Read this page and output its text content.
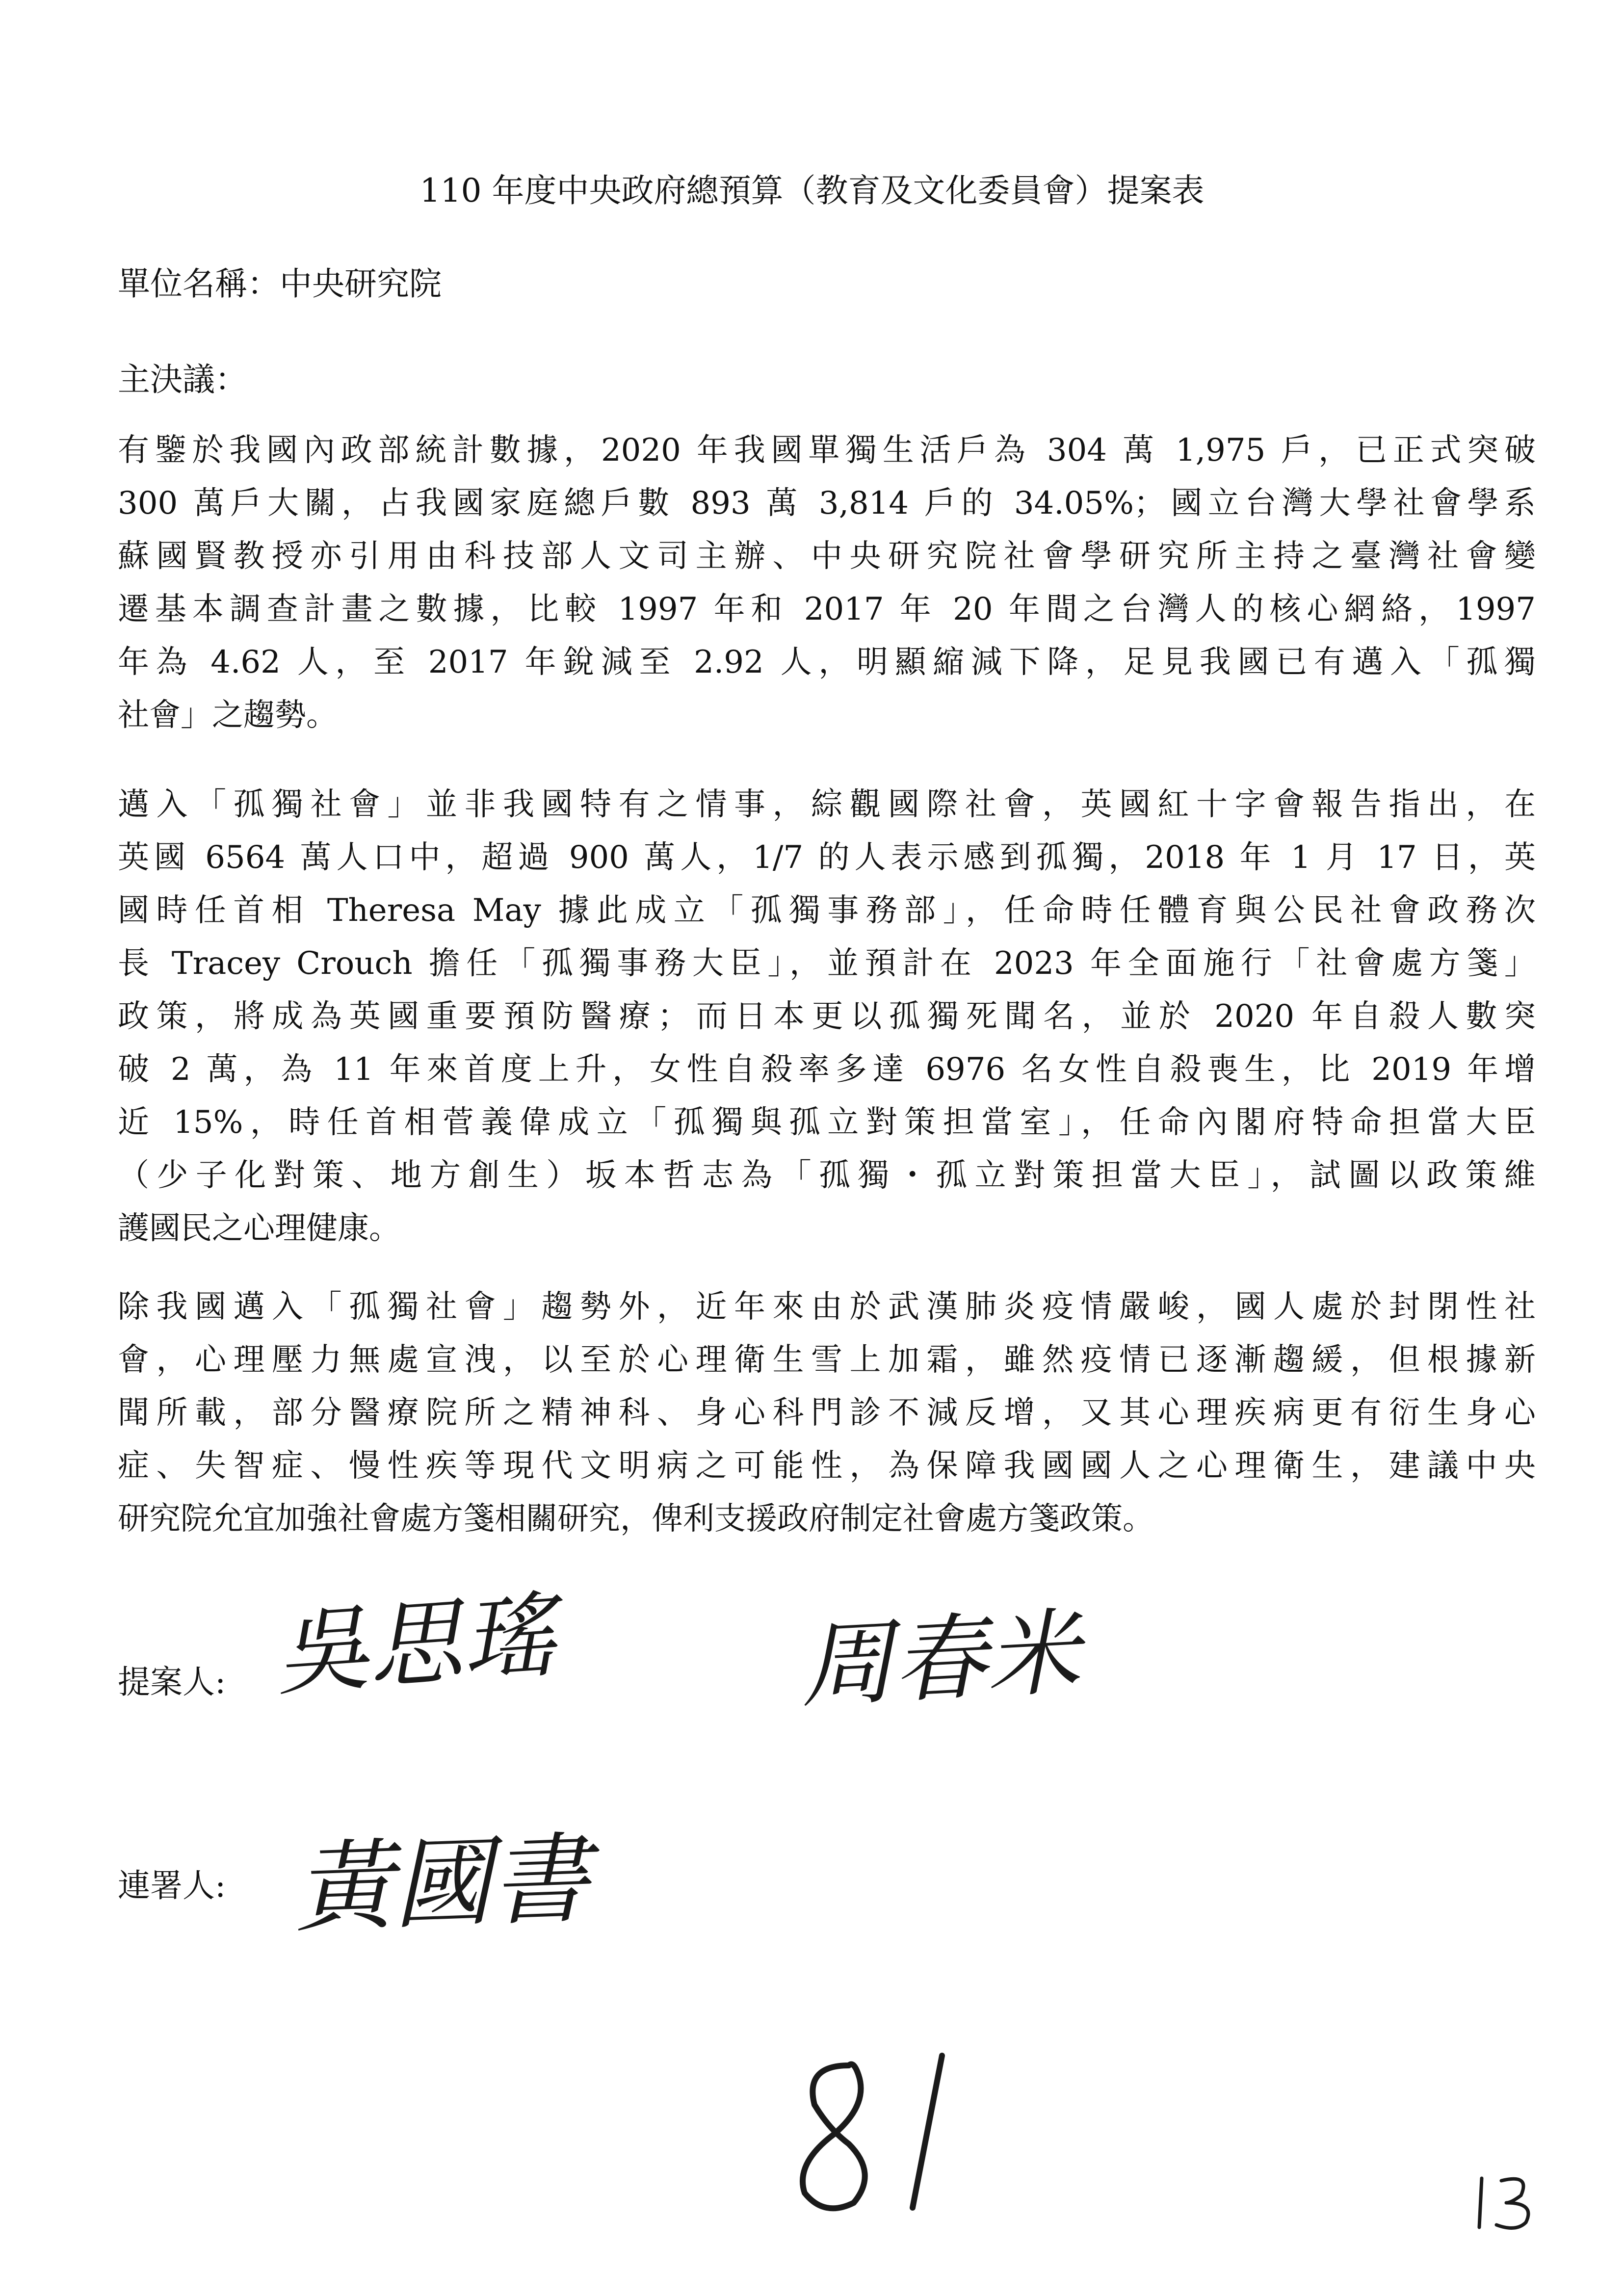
110 年度中央政府總預算（教育及文化委員會）提案表
單位名稱：中央研究院
主決議：
有鑒於我國內政部統計數據，2020 年我國單獨生活戶為 304 萬 1,975 戶，已正式突破
300 萬戶大關，占我國家庭總戶數 893 萬 3,814 戶的 34.05%；國立台灣大學社會學系
蘇國賢教授亦引用由科技部人文司主辦、中央研究院社會學研究所主持之臺灣社會變
遷基本調查計畫之數據，比較 1997 年和 2017 年 20 年間之台灣人的核心網絡，1997
年為 4.62 人，至 2017 年銳減至 2.92 人，明顯縮減下降，足見我國已有邁入「孤獨
社會」之趨勢。
邁入「孤獨社會」並非我國特有之情事，綜觀國際社會，英國紅十字會報告指出，在
英國 6564 萬人口中，超過 900 萬人，1/7 的人表示感到孤獨，2018 年 1 月 17 日，英
國時任首相 Theresa May 據此成立「孤獨事務部」，任命時任體育與公民社會政務次
長 Tracey Crouch 擔任「孤獨事務大臣」，並預計在 2023 年全面施行「社會處方箋」
政策，將成為英國重要預防醫療；而日本更以孤獨死聞名，並於 2020 年自殺人數突
破 2 萬，為 11 年來首度上升，女性自殺率多達 6976 名女性自殺喪生，比 2019 年增
近 15%，時任首相菅義偉成立「孤獨與孤立對策担當室」，任命內閣府特命担當大臣
（少子化對策、地方創生）坂本哲志為「孤獨・孤立對策担當大臣」，試圖以政策維
護國民之心理健康。
除我國邁入「孤獨社會」趨勢外，近年來由於武漢肺炎疫情嚴峻，國人處於封閉性社
會，心理壓力無處宣洩，以至於心理衛生雪上加霜，雖然疫情已逐漸趨緩，但根據新
聞所載，部分醫療院所之精神科、身心科門診不減反增，又其心理疾病更有衍生身心
症、失智症、慢性疾等現代文明病之可能性，為保障我國國人之心理衛生，建議中央
研究院允宜加強社會處方箋相關研究，俾利支援政府制定社會處方箋政策。
提案人:
連署人:
吳思瑤	周春米
黃國書
81
13
